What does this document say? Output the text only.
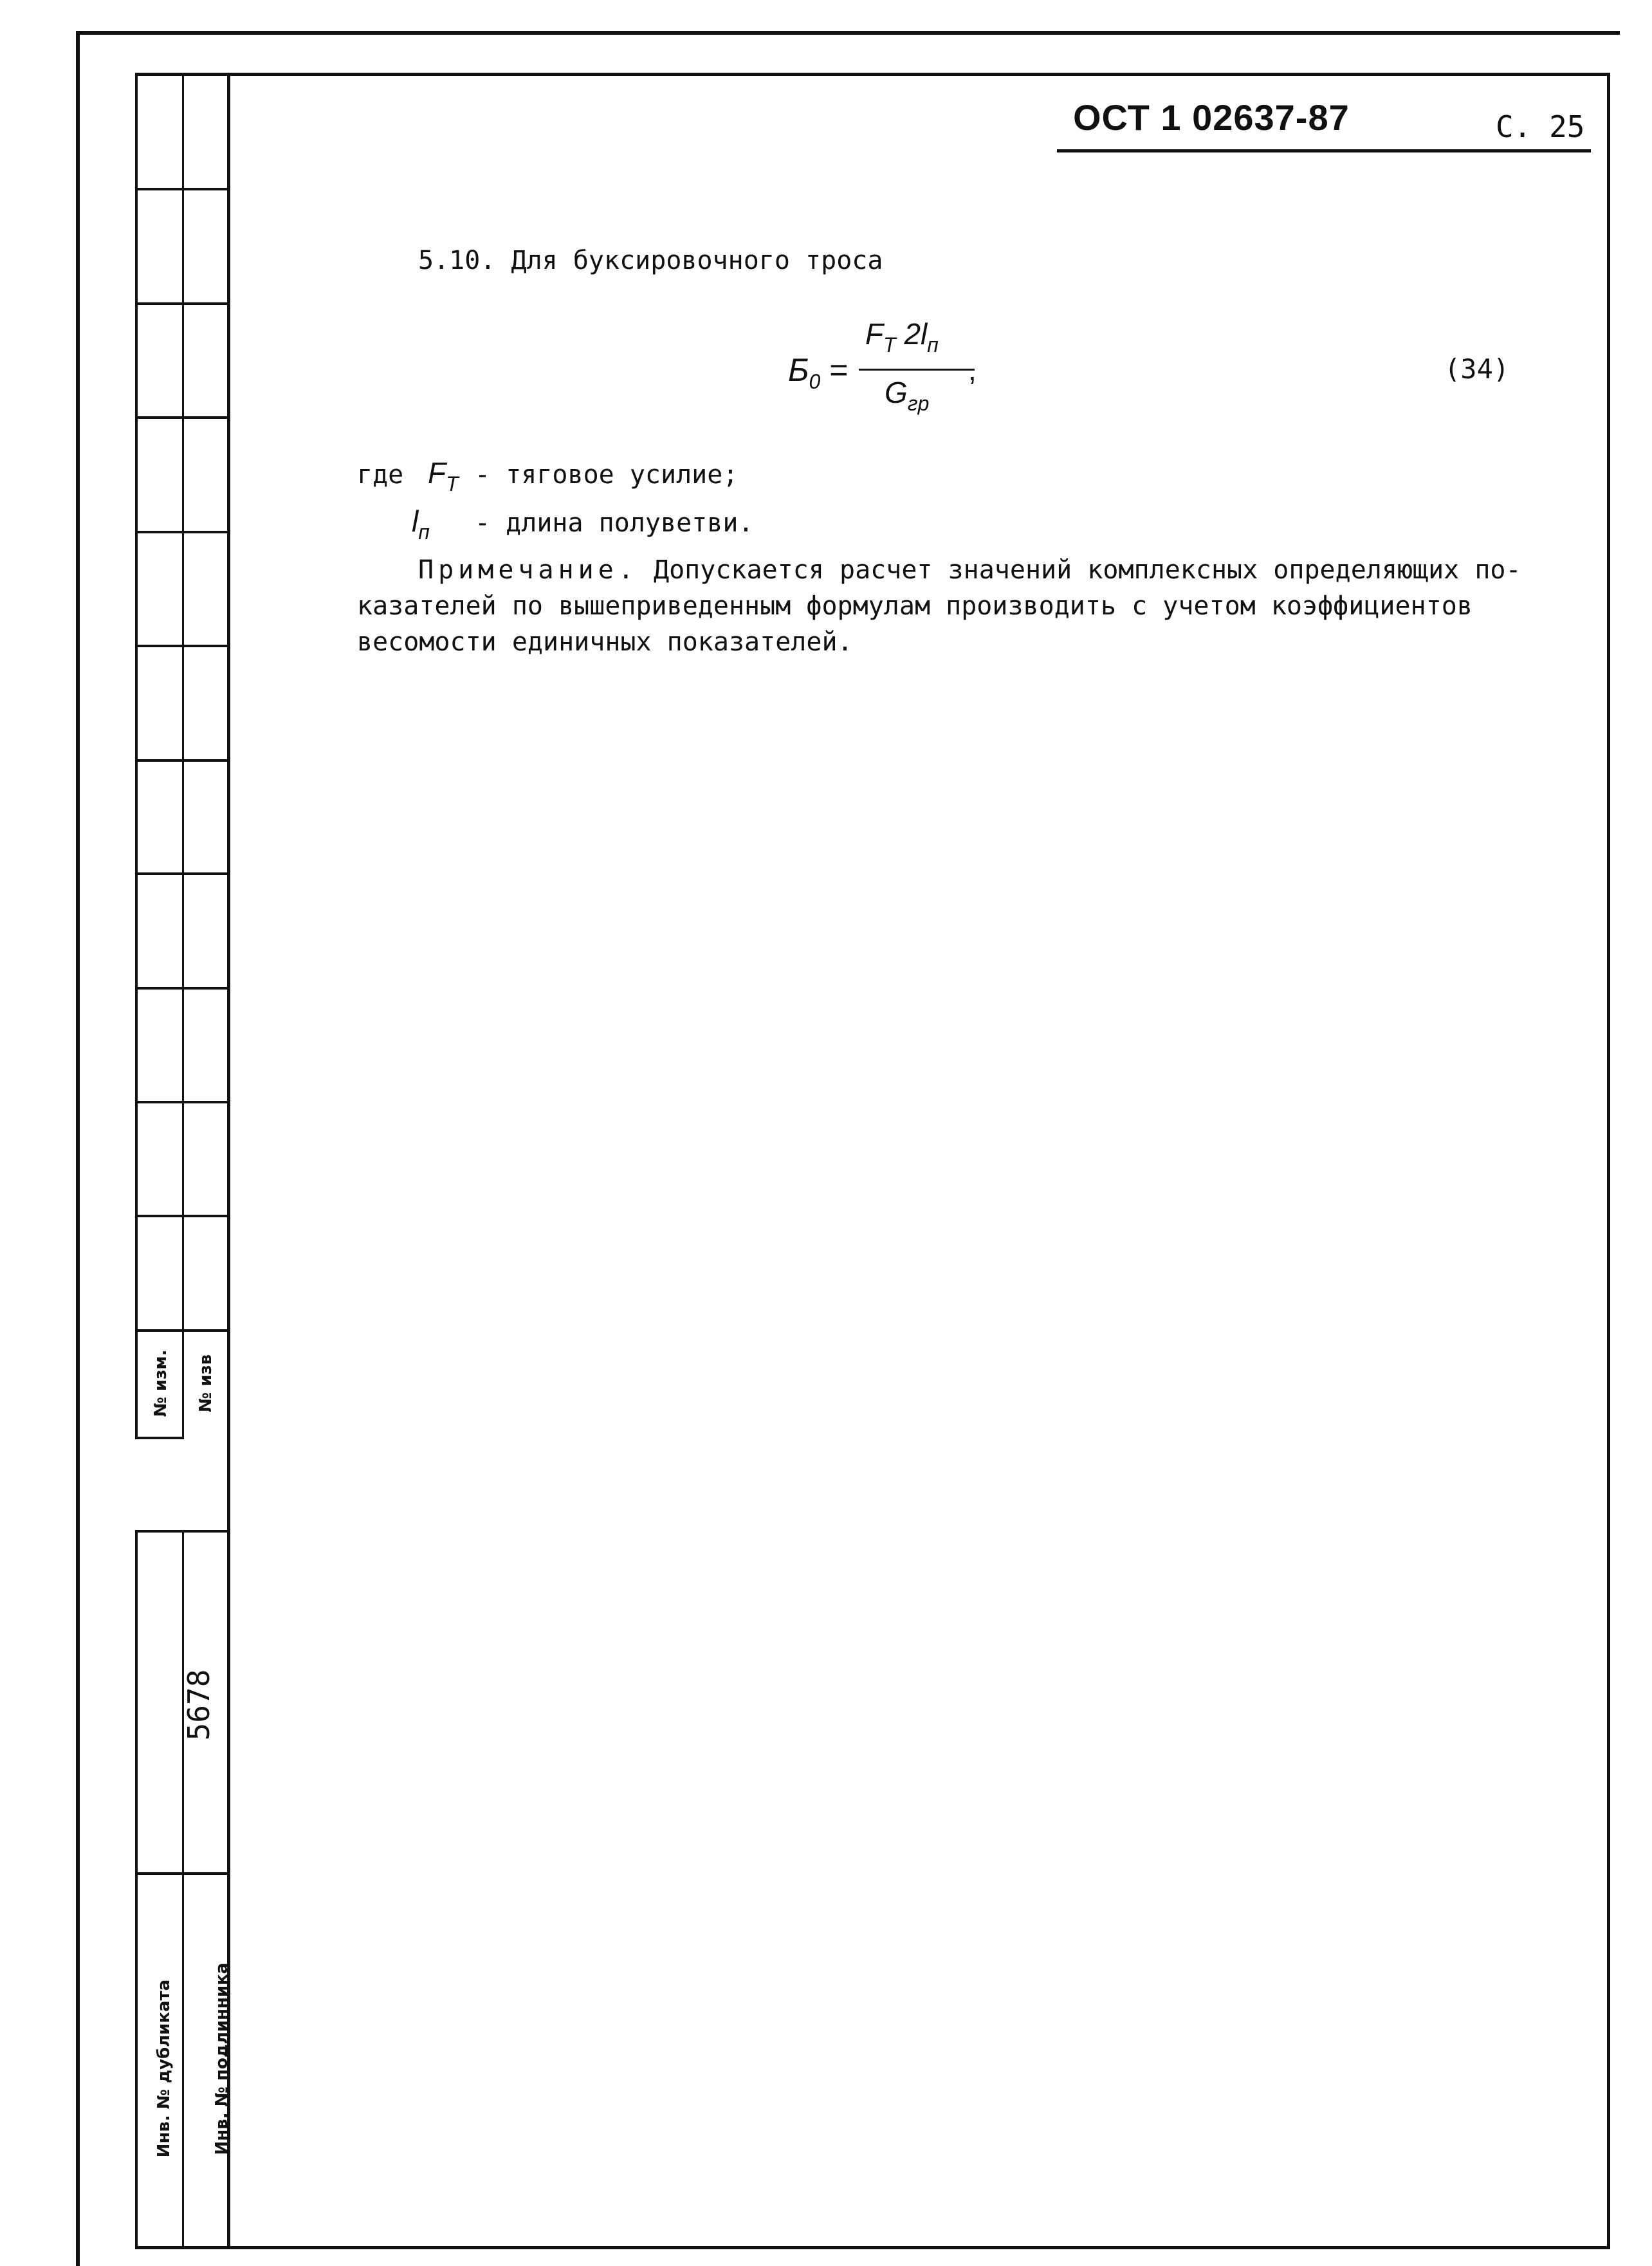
№ изм. № изв
5678
Инв. № дубликата Инв. № подлинника
ОСТ 1 02637-87	С. 25
5.10. Для буксировочного троса
$Б_0$ =
$F_Т$ $2l_п$
$G_{гр}$
,	(34)
где $F_Т$ - тяговое усилие;
$l_п$ - длина полуветви.
Примечание. Допускается расчет значений комплексных определяющих по-
казателей по вышеприведенным формулам производить с учетом коэффициентов
весомости единичных показателей.
